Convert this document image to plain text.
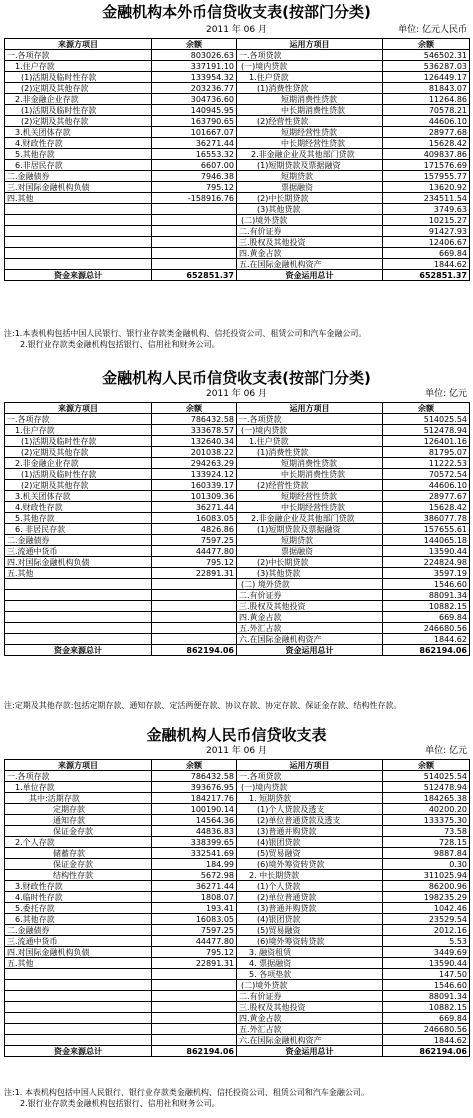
金融机构本外币信贷收支表(按部门分类)
2011 年 06 月	单位: 亿元人民币
来源方项目	余额	运用方项目	余额
一.各项存款	803026.63	一.各项贷款	546502.31
1.住户存款	337191.10	(一)境内贷款	536287.03
(1)活期及临时性存款	133954.32	1.住户贷款	126449.17
(2)定期及其他存款	203236.77	(1)消费性贷款	81843.07
2.非金融企业存款	304736.60	短期消费性贷款	11264.86
(1)活期及临时性存款	140945.95	中长期消费性贷款	70578.21
(2)定期及其他存款	163790.65	(2)经营性贷款	44606.10
3.机关团体存款	101667.07	短期经营性贷款	28977.68
4.财政性存款	36271.44	中长期经营性贷款	15628.42
5.其他存款	16553.32	2.非金融企业及其他部门贷款	409837.86
6.非居民存款	6607.00	(1)短期贷款及票据融资	171576.69
二.金融债券	7946.38	短期贷款	157955.77
三.对国际金融机构负债	795.12	票据融资	13620.92
四.其他	-158916.76	(2)中长期贷款	234511.54
		(3)其他贷款	3749.63
		(二)境外贷款	10215.27
		二.有价证券	91427.93
		三.股权及其他投资	12406.67
		四.黄金占款	669.84
		五.在国际金融机构资产	1844.62
资金来源总计	652851.37	资金运用总计	652851.37
注:1.本表机构包括中国人民银行、银行业存款类金融机构、信托投资公司、租赁公司和汽车金融公司。
2.银行业存款类金融机构包括银行、信用社和财务公司。
金融机构人民币信贷收支表(按部门分类)
2011 年 06 月	单位: 亿元
来源方项目	余额	运用方项目	余额
一.各项存款	786432.58	一.各项贷款	514025.54
1.住户存款	333678.57	(一)境内贷款	512478.94
(1)活期及临时性存款	132640.34	1.住户贷款	126401.16
(2)定期及其他存款	201038.22	(1)消费性贷款	81795.07
2.非金融企业存款	294263.29	短期消费性贷款	11222.53
(1)活期及临时性存款	133924.12	中长期消费性贷款	70572.54
(2)定期及其他存款	160339.17	(2)经营性贷款	44606.10
3.机关团体存款	101309.36	短期经营性贷款	28977.67
4.财政性存款	36271.44	中长期经营性贷款	15628.42
5.其他存款	16083.05	2.非金融企业及其他部门贷款	386077.78
6. 非居民存款	4826.86	(1)短期贷款及票据融资	157655.61
二.金融债券	7597.25	短期贷款	144065.18
三.流通中货币	44477.80	票据融资	13590.44
四.对国际金融机构负债	795.12	(2)中长期贷款	224824.98
五.其他	22891.31	(3)其他贷款	3597.19
		(二) 境外贷款	1546.60
		二.有价证券	88091.34
		三.股权及其他投资	10882.15
		四.黄金占款	669.84
		五.外汇占款	246680.56
		六.在国际金融机构资产	1844.62
资金来源总计	862194.06	资金运用总计	862194.06
注:定期及其他存款:包括定期存款、通知存款、定活两便存款、协议存款、协定存款、保证金存款、结构性存款。
金融机构人民币信贷收支表
2011 年 06 月	单位: 亿元
来源方项目	余额	运用方项目	余额
一.各项存款	786432.58	一.各项贷款	514025.54
1.单位存款	393676.95	(一)境内贷款	512478.94
其中:活期存款	184217.76	1. 短期贷款	184265.38
定期存款	100190.14	(1)个人贷款及透支	40200.20
通知存款	14564.36	(2)单位普通贷款及透支	133375.30
保证金存款	44836.83	(3)普通并购贷款	73.58
2.个人存款	338399.65	(4)银团贷款	728.15
储蓄存款	332541.69	(5)贸易融资	9887.84
保证金存款	184.99	(6)境外筹资转贷款	0.30
结构性存款	5672.98	2. 中长期贷款	311025.94
3.财政性存款	36271.44	(1)个人贷款	86200.96
4.临时性存款	1808.07	(2)单位普通贷款	198235.29
5.委托存款	193.41	(3)普通并购贷款	1042.46
6.其他存款	16083.05	(4)银团贷款	23529.54
二.金融债券	7597.25	(5)贸易融资	2012.16
三.流通中货币	44477.80	(6)境外筹资转贷款	5.53
四.对国际金融机构负债	795.12	3. 融资租赁	3449.69
五.其他	22891.31	4. 票据融资	13590.44
		5. 各项垫款	147.50
		(二)境外贷款	1546.60
		二.有价证券	88091.34
		三.股权及其他投资	10882.15
		四.黄金占款	669.84
		五.外汇占款	246680.56
		六.在国际金融机构资产	1844.62
资金来源总计	862194.06	资金运用总计	862194.06
注:1. 本表机构包括中国人民银行、银行业存款类金融机构、信托投资公司、租赁公司和汽车金融公司。
2.银行业存款类金融机构包括银行、信用社和财务公司。
